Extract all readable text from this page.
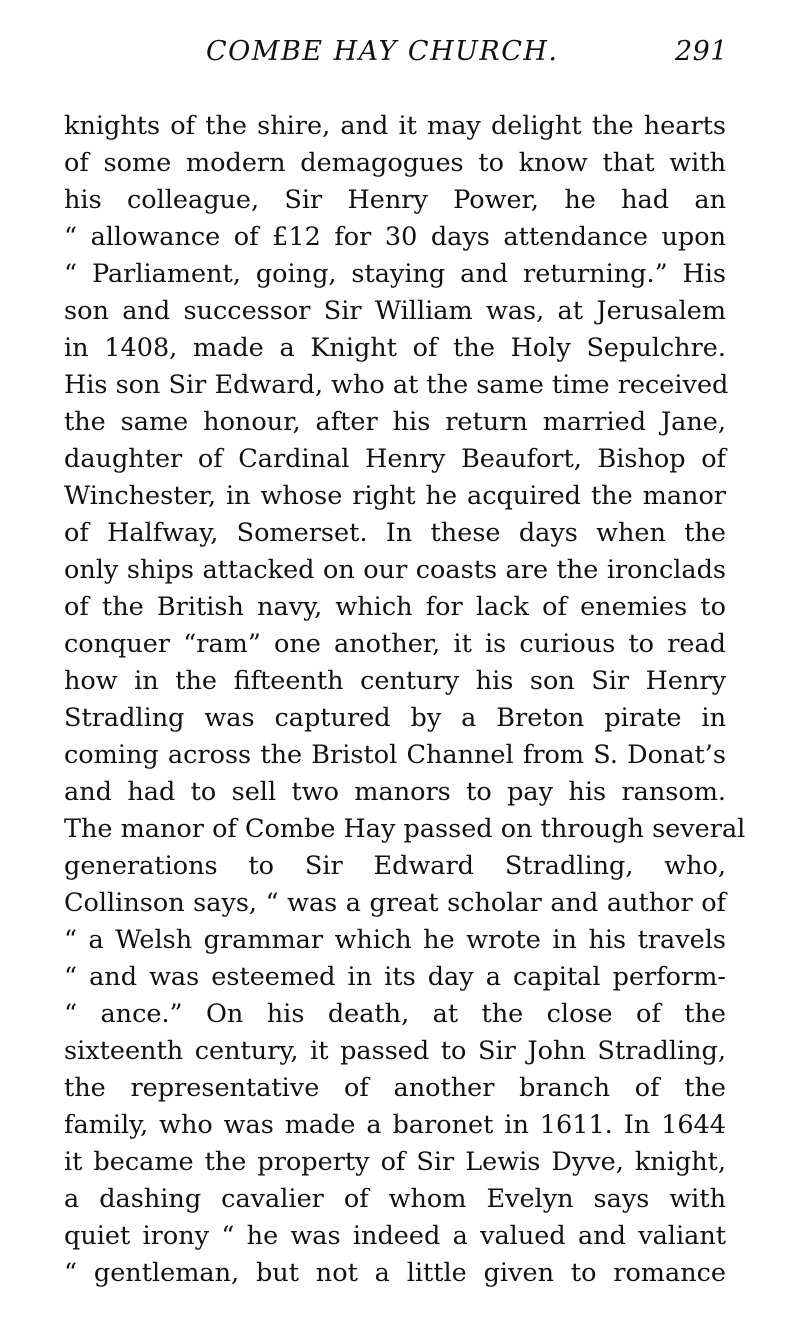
COMBE HAY CHURCH.	291
knights of the shire, and it may delight the hearts
of some modern demagogues to know that with
his colleague, Sir Henry Power, he had an
“ allowance of £12 for 30 days attendance upon
“ Parliament, going, staying and returning.” His
son and successor Sir William was, at Jerusalem
in 1408, made a Knight of the Holy Sepulchre.
His son Sir Edward, who at the same time received
the same honour, after his return married Jane,
daughter of Cardinal Henry Beaufort, Bishop of
Winchester, in whose right he acquired the manor
of Halfway, Somerset. In these days when the
only ships attacked on our coasts are the ironclads
of the British navy, which for lack of enemies to
conquer “ram” one another, it is curious to read
how in the fifteenth century his son Sir Henry
Stradling was captured by a Breton pirate in
coming across the Bristol Channel from S. Donat’s
and had to sell two manors to pay his ransom.
The manor of Combe Hay passed on through several
generations to Sir Edward Stradling, who,
Collinson says, “ was a great scholar and author of
“ a Welsh grammar which he wrote in his travels
“ and was esteemed in its day a capital perform-
“ ance.” On his death, at the close of the
sixteenth century, it passed to Sir John Stradling,
the representative of another branch of the
family, who was made a baronet in 1611. In 1644
it became the property of Sir Lewis Dyve, knight,
a dashing cavalier of whom Evelyn says with
quiet irony “ he was indeed a valued and valiant
“ gentleman, but not a little given to romance
